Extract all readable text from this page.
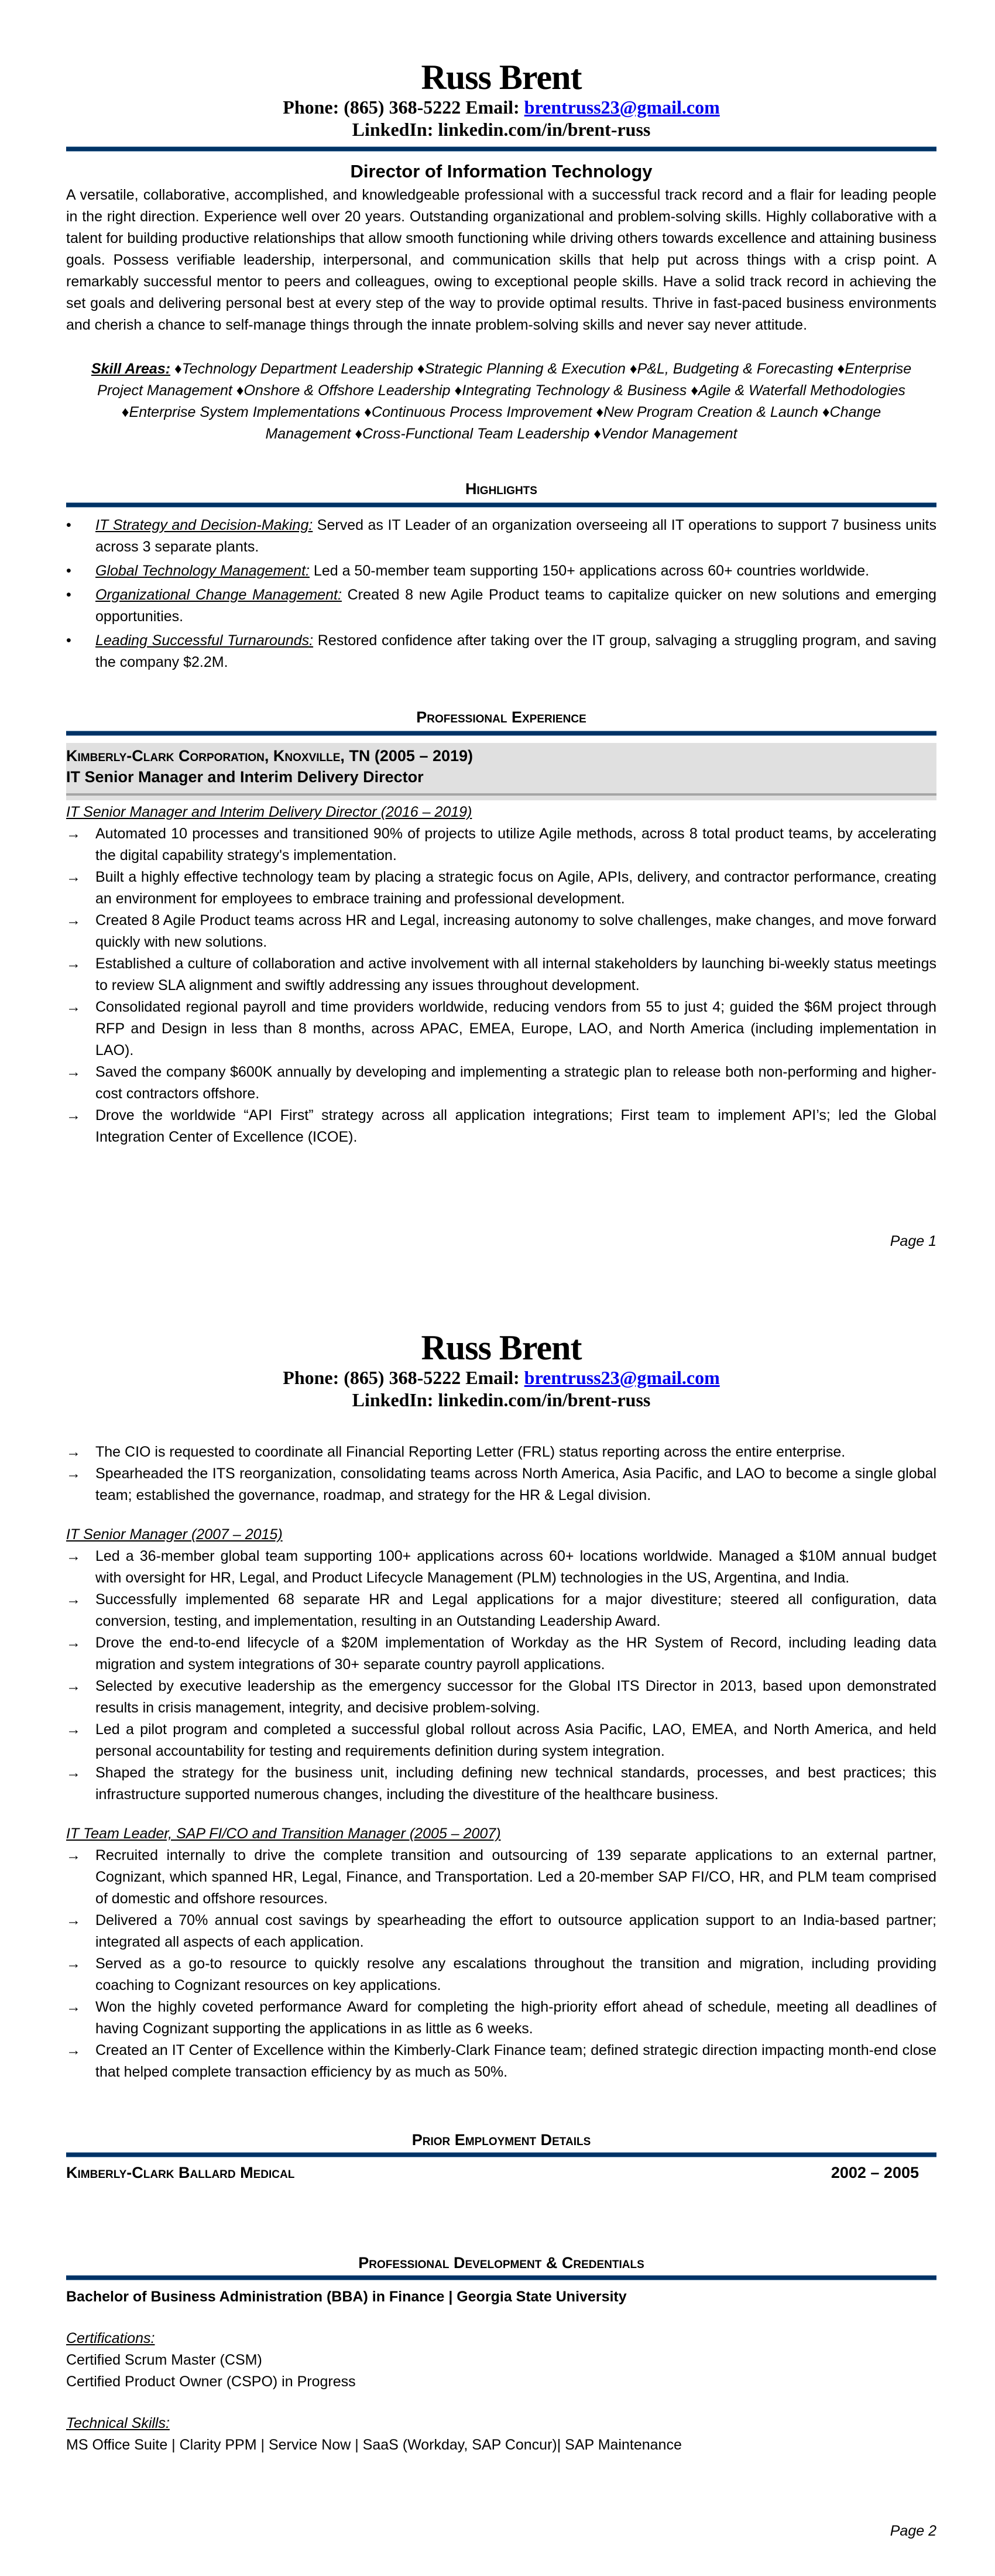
Russ Brent
Phone: (865) 368-5222 Email: brentruss23@gmail.com
LinkedIn: linkedin.com/in/brent-russ
Director of Information Technology
A versatile, collaborative, accomplished, and knowledgeable professional with a successful track record and a flair for leading people in the right direction. Experience well over 20 years. Outstanding organizational and problem-solving skills. Highly collaborative with a talent for building productive relationships that allow smooth functioning while driving others towards excellence and attaining business goals. Possess verifiable leadership, interpersonal, and communication skills that help put across things with a crisp point. A remarkably successful mentor to peers and colleagues, owing to exceptional people skills. Have a solid track record in achieving the set goals and delivering personal best at every step of the way to provide optimal results. Thrive in fast-paced business environments and cherish a chance to self-manage things through the innate problem-solving skills and never say never attitude.
Skill Areas: ♦Technology Department Leadership ♦Strategic Planning & Execution ♦P&L, Budgeting & Forecasting ♦Enterprise Project Management ♦Onshore & Offshore Leadership ♦Integrating Technology & Business ♦Agile & Waterfall Methodologies ♦Enterprise System Implementations ♦Continuous Process Improvement ♦New Program Creation & Launch ♦Change Management ♦Cross-Functional Team Leadership ♦Vendor Management
Highlights
• IT Strategy and Decision-Making: Served as IT Leader of an organization overseeing all IT operations to support 7 business units across 3 separate plants.
• Global Technology Management: Led a 50-member team supporting 150+ applications across 60+ countries worldwide.
• Organizational Change Management: Created 8 new Agile Product teams to capitalize quicker on new solutions and emerging opportunities.
• Leading Successful Turnarounds: Restored confidence after taking over the IT group, salvaging a struggling program, and saving the company $2.2M.
Professional Experience
Kimberly-Clark Corporation, Knoxville, TN (2005 – 2019)
IT Senior Manager and Interim Delivery Director
IT Senior Manager and Interim Delivery Director (2016 – 2019)
→ Automated 10 processes and transitioned 90% of projects to utilize Agile methods, across 8 total product teams, by accelerating the digital capability strategy's implementation.
→ Built a highly effective technology team by placing a strategic focus on Agile, APIs, delivery, and contractor performance, creating an environment for employees to embrace training and professional development.
→ Created 8 Agile Product teams across HR and Legal, increasing autonomy to solve challenges, make changes, and move forward quickly with new solutions.
→ Established a culture of collaboration and active involvement with all internal stakeholders by launching bi-weekly status meetings to review SLA alignment and swiftly addressing any issues throughout development.
→ Consolidated regional payroll and time providers worldwide, reducing vendors from 55 to just 4; guided the $6M project through RFP and Design in less than 8 months, across APAC, EMEA, Europe, LAO, and North America (including implementation in LAO).
→ Saved the company $600K annually by developing and implementing a strategic plan to release both non-performing and higher-cost contractors offshore.
→ Drove the worldwide “API First” strategy across all application integrations; First team to implement API’s; led the Global Integration Center of Excellence (ICOE).
Page 1
Russ Brent
Phone: (865) 368-5222 Email: brentruss23@gmail.com
LinkedIn: linkedin.com/in/brent-russ
→ The CIO is requested to coordinate all Financial Reporting Letter (FRL) status reporting across the entire enterprise.
→ Spearheaded the ITS reorganization, consolidating teams across North America, Asia Pacific, and LAO to become a single global team; established the governance, roadmap, and strategy for the HR & Legal division.
IT Senior Manager (2007 – 2015)
→ Led a 36-member global team supporting 100+ applications across 60+ locations worldwide. Managed a $10M annual budget with oversight for HR, Legal, and Product Lifecycle Management (PLM) technologies in the US, Argentina, and India.
→ Successfully implemented 68 separate HR and Legal applications for a major divestiture; steered all configuration, data conversion, testing, and implementation, resulting in an Outstanding Leadership Award.
→ Drove the end-to-end lifecycle of a $20M implementation of Workday as the HR System of Record, including leading data migration and system integrations of 30+ separate country payroll applications.
→ Selected by executive leadership as the emergency successor for the Global ITS Director in 2013, based upon demonstrated results in crisis management, integrity, and decisive problem-solving.
→ Led a pilot program and completed a successful global rollout across Asia Pacific, LAO, EMEA, and North America, and held personal accountability for testing and requirements definition during system integration.
→ Shaped the strategy for the business unit, including defining new technical standards, processes, and best practices; this infrastructure supported numerous changes, including the divestiture of the healthcare business.
IT Team Leader, SAP FI/CO and Transition Manager (2005 – 2007)
→ Recruited internally to drive the complete transition and outsourcing of 139 separate applications to an external partner, Cognizant, which spanned HR, Legal, Finance, and Transportation. Led a 20-member SAP FI/CO, HR, and PLM team comprised of domestic and offshore resources.
→ Delivered a 70% annual cost savings by spearheading the effort to outsource application support to an India-based partner; integrated all aspects of each application.
→ Served as a go-to resource to quickly resolve any escalations throughout the transition and migration, including providing coaching to Cognizant resources on key applications.
→ Won the highly coveted performance Award for completing the high-priority effort ahead of schedule, meeting all deadlines of having Cognizant supporting the applications in as little as 6 weeks.
→ Created an IT Center of Excellence within the Kimberly-Clark Finance team; defined strategic direction impacting month-end close that helped complete transaction efficiency by as much as 50%.
Prior Employment Details
Kimberly-Clark Ballard Medical	2002 – 2005
Professional Development & Credentials
Bachelor of Business Administration (BBA) in Finance | Georgia State University
Certifications:
Certified Scrum Master (CSM)
Certified Product Owner (CSPO) in Progress
Technical Skills:
MS Office Suite | Clarity PPM | Service Now | SaaS (Workday, SAP Concur)| SAP Maintenance
Page 2
